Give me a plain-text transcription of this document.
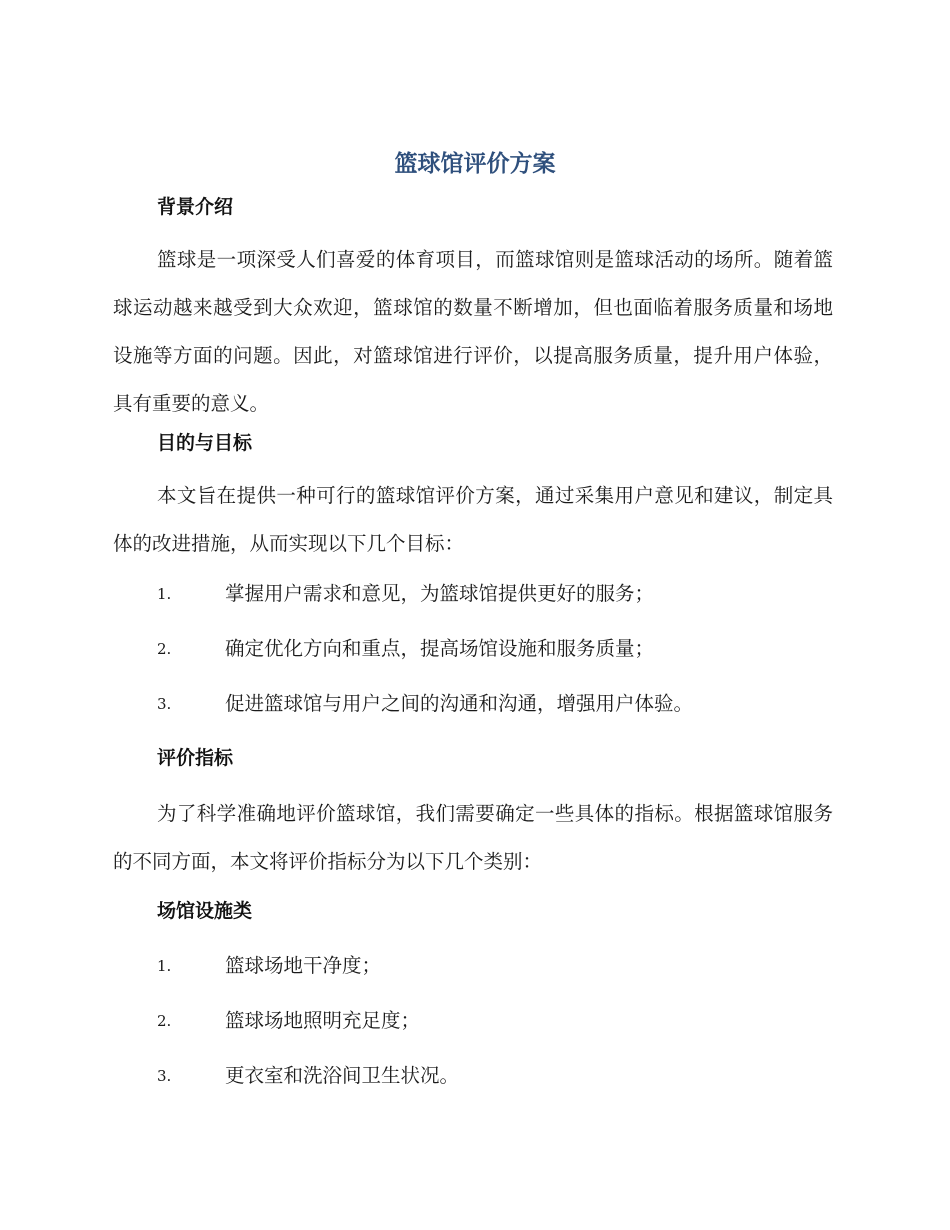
篮球馆评价方案
背景介绍
篮球是一项深受人们喜爱的体育项目，而篮球馆则是篮球活动的场所。随着篮球运动越来越受到大众欢迎，篮球馆的数量不断增加，但也面临着服务质量和场地设施等方面的问题。因此，对篮球馆进行评价，以提高服务质量，提升用户体验，具有重要的意义。
目的与目标
本文旨在提供一种可行的篮球馆评价方案，通过采集用户意见和建议，制定具体的改进措施，从而实现以下几个目标：
1.	掌握用户需求和意见，为篮球馆提供更好的服务；
2.	确定优化方向和重点，提高场馆设施和服务质量；
3.	促进篮球馆与用户之间的沟通和沟通，增强用户体验。
评价指标
为了科学准确地评价篮球馆，我们需要确定一些具体的指标。根据篮球馆服务的不同方面，本文将评价指标分为以下几个类别：
场馆设施类
1.	篮球场地干净度；
2.	篮球场地照明充足度；
3.	更衣室和洗浴间卫生状况。
